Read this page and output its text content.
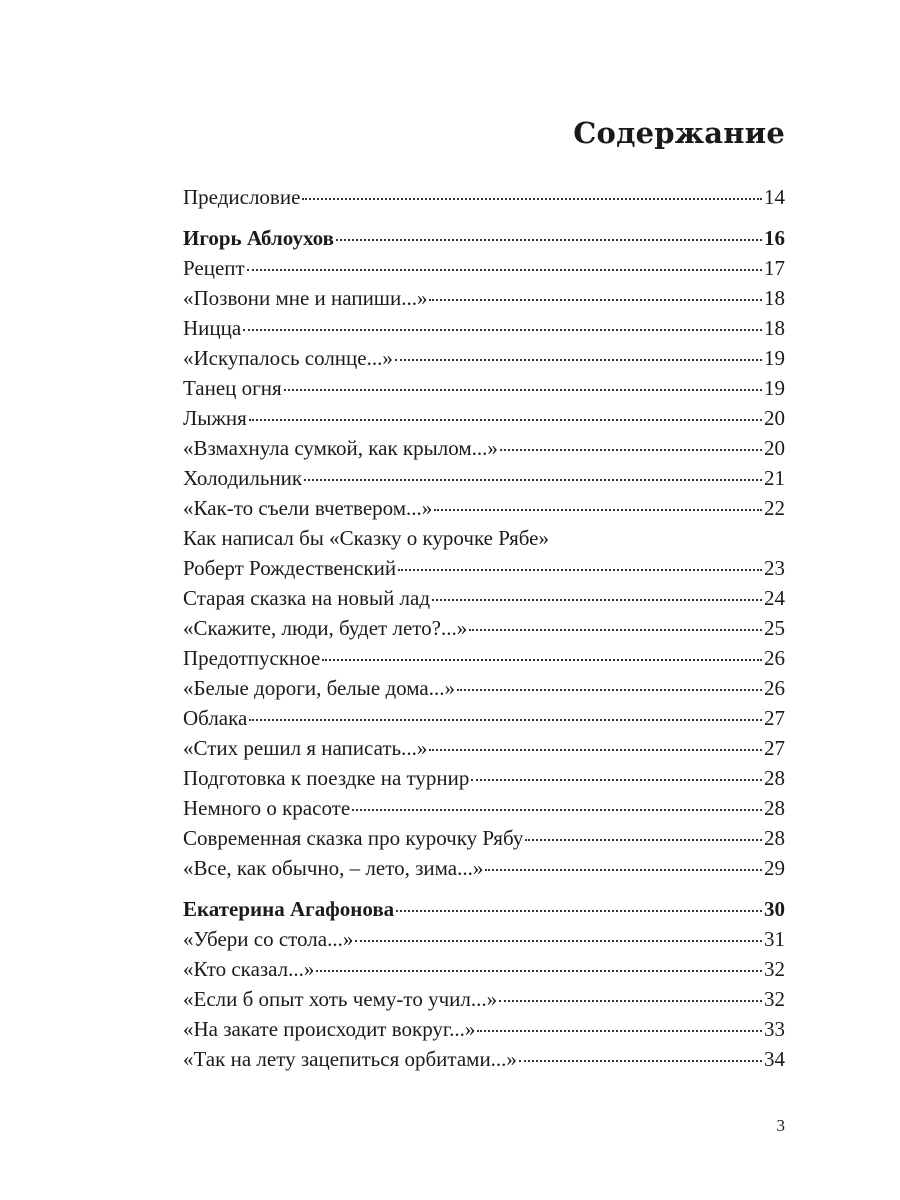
Содержание
Предисловие	14
Игорь Аблоухов	16
Рецепт	17
«Позвони мне и напиши...»	18
Ницца	18
«Искупалось солнце...»	19
Танец огня	19
Лыжня	20
«Взмахнула сумкой, как крылом...»	20
Холодильник	21
«Как-то съели вчетвером...»	22
Как написал бы «Сказку о курочке Рябе»
Роберт Рождественский	23
Старая сказка на новый лад	24
«Скажите, люди, будет лето?...»	25
Предотпускное	26
«Белые дороги, белые дома...»	26
Облака	27
«Стих решил я написать...»	27
Подготовка к поездке на турнир	28
Немного о красоте	28
Современная сказка про курочку Рябу	28
«Все, как обычно, – лето, зима...»	29
Екатерина Агафонова	30
«Убери со стола...»	31
«Кто сказал...»	32
«Если б опыт хоть чему-то учил...»	32
«На закате происходит вокруг...»	33
«Так на лету зацепиться орбитами...»	34
3
